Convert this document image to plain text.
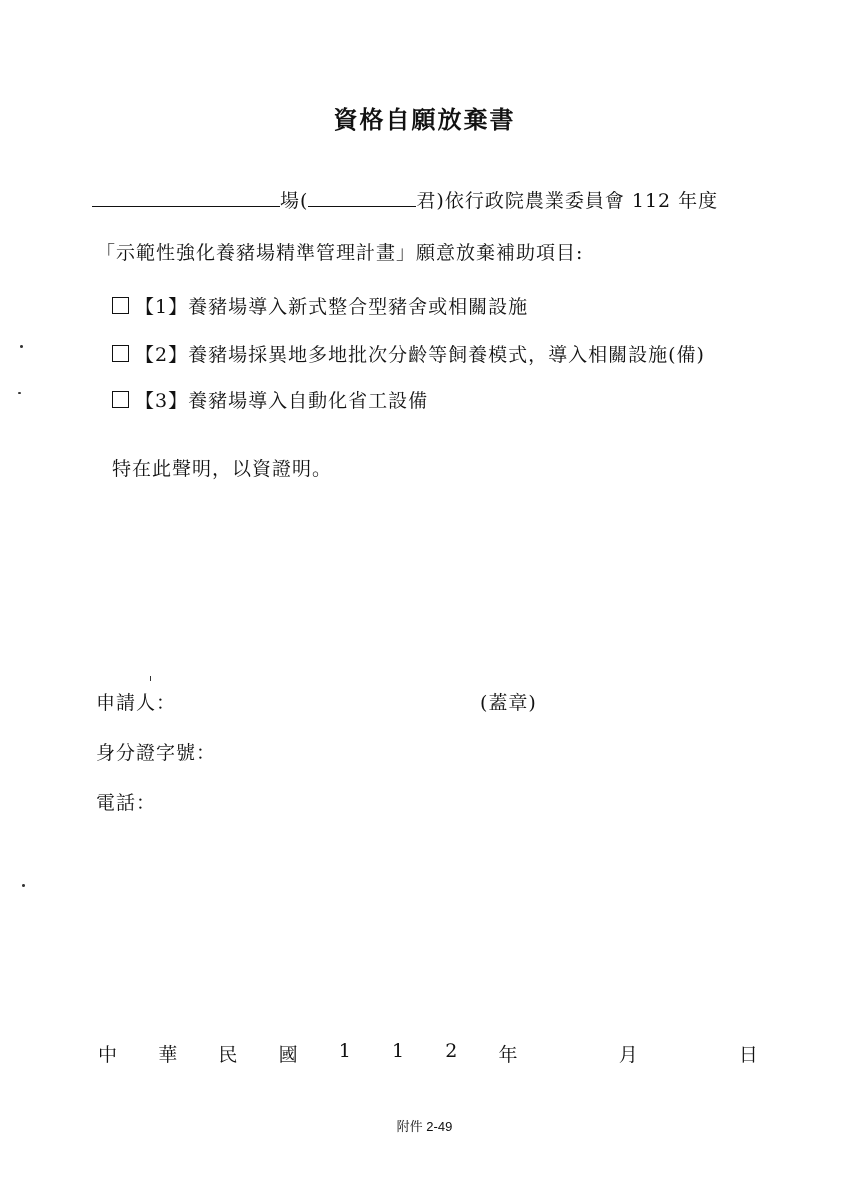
資格自願放棄書
場(	君)依行政院農業委員會 112 年度
「示範性強化養豬場精準管理計畫」願意放棄補助項目:
【1】養豬場導入新式整合型豬舍或相關設施
【2】養豬場採異地多地批次分齡等飼養模式，導入相關設施(備)
【3】養豬場導入自動化省工設備
特在此聲明，以資證明。
申請人：	(蓋章)
身分證字號：
電話：
中 華 民 國 1 1 2 年	月	日
附件 2-49
